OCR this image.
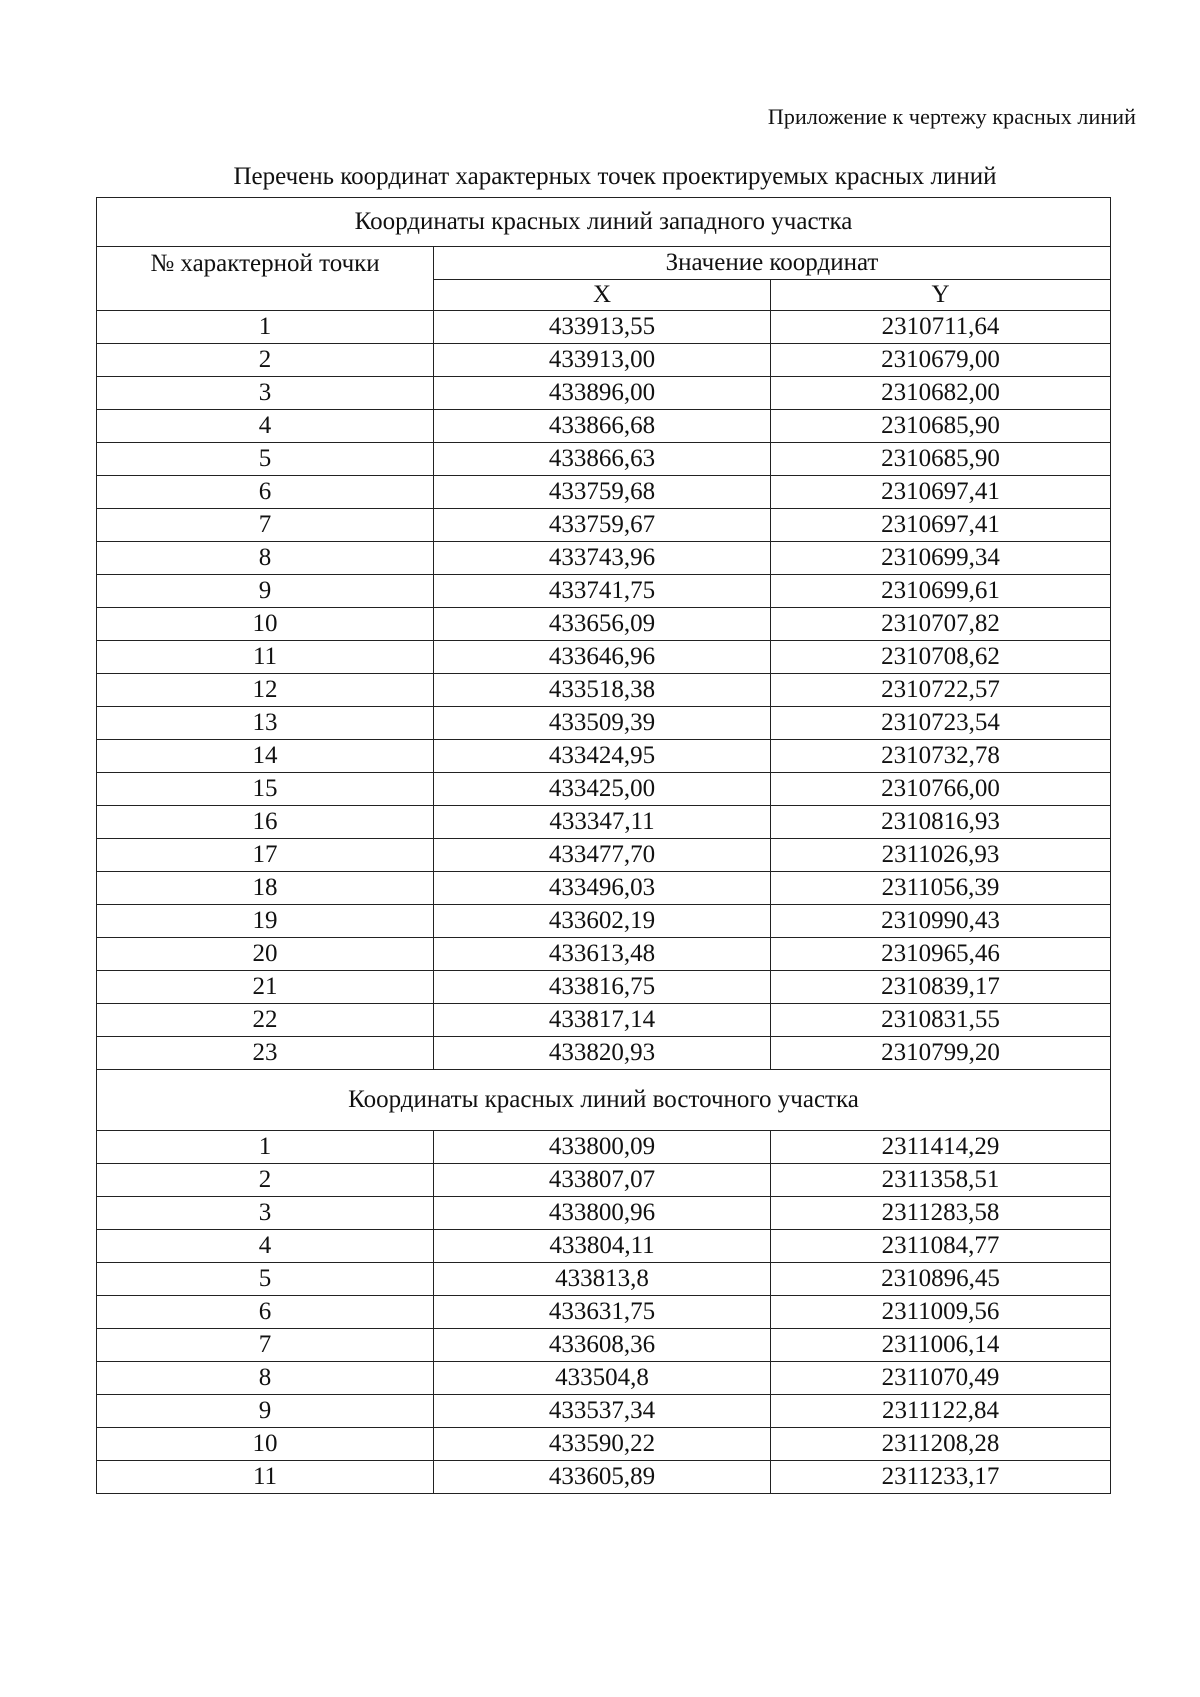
Приложение к чертежу красных линий
Перечень координат характерных точек проектируемых красных линий
Координаты красных линий западного участка		
№ характерной точки	Значение координат	
	X	Y
1	433913,55	2310711,64
2	433913,00	2310679,00
3	433896,00	2310682,00
4	433866,68	2310685,90
5	433866,63	2310685,90
6	433759,68	2310697,41
7	433759,67	2310697,41
8	433743,96	2310699,34
9	433741,75	2310699,61
10	433656,09	2310707,82
11	433646,96	2310708,62
12	433518,38	2310722,57
13	433509,39	2310723,54
14	433424,95	2310732,78
15	433425,00	2310766,00
16	433347,11	2310816,93
17	433477,70	2311026,93
18	433496,03	2311056,39
19	433602,19	2310990,43
20	433613,48	2310965,46
21	433816,75	2310839,17
22	433817,14	2310831,55
23	433820,93	2310799,20
Координаты красных линий восточного участка		
1	433800,09	2311414,29
2	433807,07	2311358,51
3	433800,96	2311283,58
4	433804,11	2311084,77
5	433813,8	2310896,45
6	433631,75	2311009,56
7	433608,36	2311006,14
8	433504,8	2311070,49
9	433537,34	2311122,84
10	433590,22	2311208,28
11	433605,89	2311233,17
